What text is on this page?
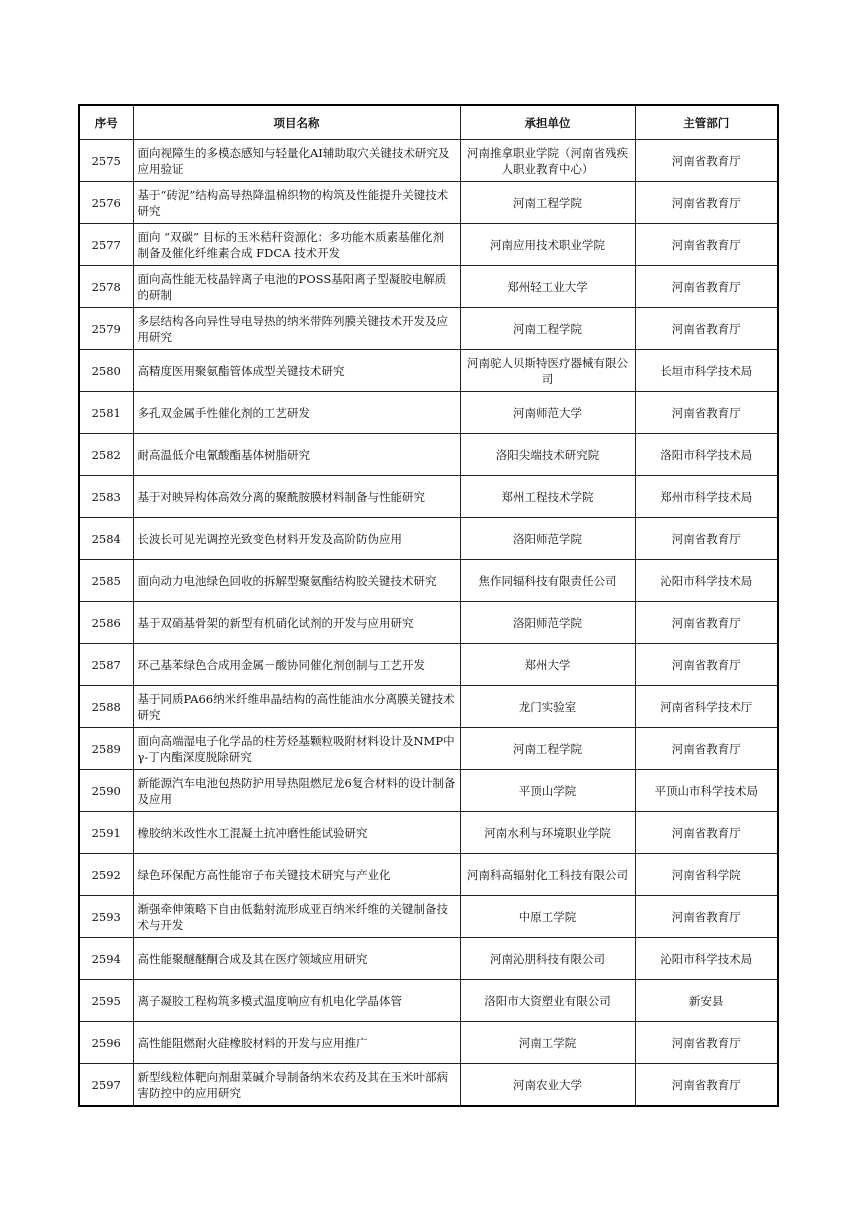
序号	项目名称	承担单位	主管部门
2575	面向视障生的多模态感知与轻量化AI辅助取穴关键技术研究及应用验证	河南推拿职业学院（河南省残疾人职业教育中心）	河南省教育厅
2576	基于“砖泥”结构高导热降温棉织物的构筑及性能提升关键技术研究	河南工程学院	河南省教育厅
2577	面向 “双碳” 目标的玉米秸秆资源化：多功能木质素基催化剂制备及催化纤维素合成 FDCA 技术开发	河南应用技术职业学院	河南省教育厅
2578	面向高性能无枝晶锌离子电池的POSS基阳离子型凝胶电解质的研制	郑州轻工业大学	河南省教育厅
2579	多层结构各向异性导电导热的纳米带阵列膜关键技术开发及应用研究	河南工程学院	河南省教育厅
2580	高精度医用聚氨酯管体成型关键技术研究	河南驼人贝斯特医疗器械有限公司	长垣市科学技术局
2581	多孔双金属手性催化剂的工艺研发	河南师范大学	河南省教育厅
2582	耐高温低介电氰酸酯基体树脂研究	洛阳尖端技术研究院	洛阳市科学技术局
2583	基于对映异构体高效分离的聚酰胺膜材料制备与性能研究	郑州工程技术学院	郑州市科学技术局
2584	长波长可见光调控光致变色材料开发及高阶防伪应用	洛阳师范学院	河南省教育厅
2585	面向动力电池绿色回收的拆解型聚氨酯结构胶关键技术研究	焦作同辐科技有限责任公司	沁阳市科学技术局
2586	基于双硝基骨架的新型有机硝化试剂的开发与应用研究	洛阳师范学院	河南省教育厅
2587	环己基苯绿色合成用金属－酸协同催化剂创制与工艺开发	郑州大学	河南省教育厅
2588	基于同质PA66纳米纤维串晶结构的高性能油水分离膜关键技术研究	龙门实验室	河南省科学技术厅
2589	面向高端湿电子化学品的柱芳烃基颗粒吸附材料设计及NMP中γ-丁内酯深度脱除研究	河南工程学院	河南省教育厅
2590	新能源汽车电池包热防护用导热阻燃尼龙6复合材料的设计制备及应用	平顶山学院	平顶山市科学技术局
2591	橡胶纳米改性水工混凝土抗冲磨性能试验研究	河南水利与环境职业学院	河南省教育厅
2592	绿色环保配方高性能帘子布关键技术研究与产业化	河南科高辐射化工科技有限公司	河南省科学院
2593	渐强牵伸策略下自由低黏射流形成亚百纳米纤维的关键制备技术与开发	中原工学院	河南省教育厅
2594	高性能聚醚醚酮合成及其在医疗领域应用研究	河南沁朋科技有限公司	沁阳市科学技术局
2595	离子凝胶工程构筑多模式温度响应有机电化学晶体管	洛阳市大资塑业有限公司	新安县
2596	高性能阻燃耐火硅橡胶材料的开发与应用推广	河南工学院	河南省教育厅
2597	新型线粒体靶向剂甜菜碱介导制备纳米农药及其在玉米叶部病害防控中的应用研究	河南农业大学	河南省教育厅
